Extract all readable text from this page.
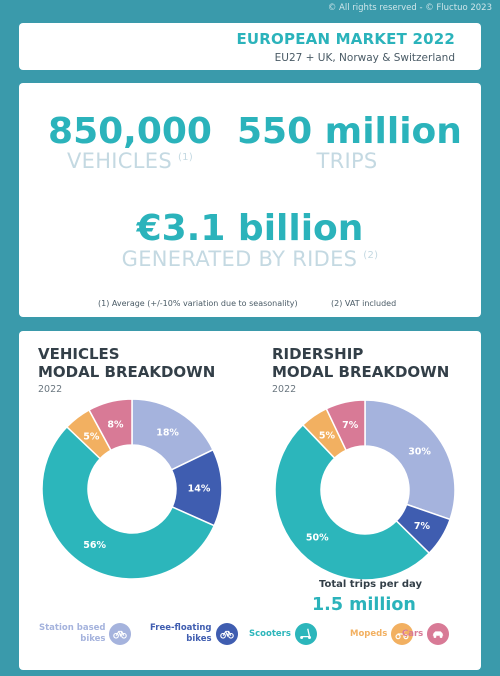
© All rights reserved - © Fluctuo 2023
EUROPEAN MARKET 2022
EU27 + UK, Norway & Switzerland
850,000
VEHICLES $^{(1)}$
550 million
TRIPS
€3.1 billion
GENERATED BY RIDES $^{(2)}$
(1) Average (+/-10% variation due to seasonality)	(2) VAT included
VEHICLES
MODAL BREAKDOWN
2022
RIDERSHIP
MODAL BREAKDOWN
2022
18%
14%
56%
5%
8%
30%
7%
50%
5%
7%
Total trips per day
1.5 million
Station based
bikes
Free-floating
bikes
Scooters	Mopeds Cars
